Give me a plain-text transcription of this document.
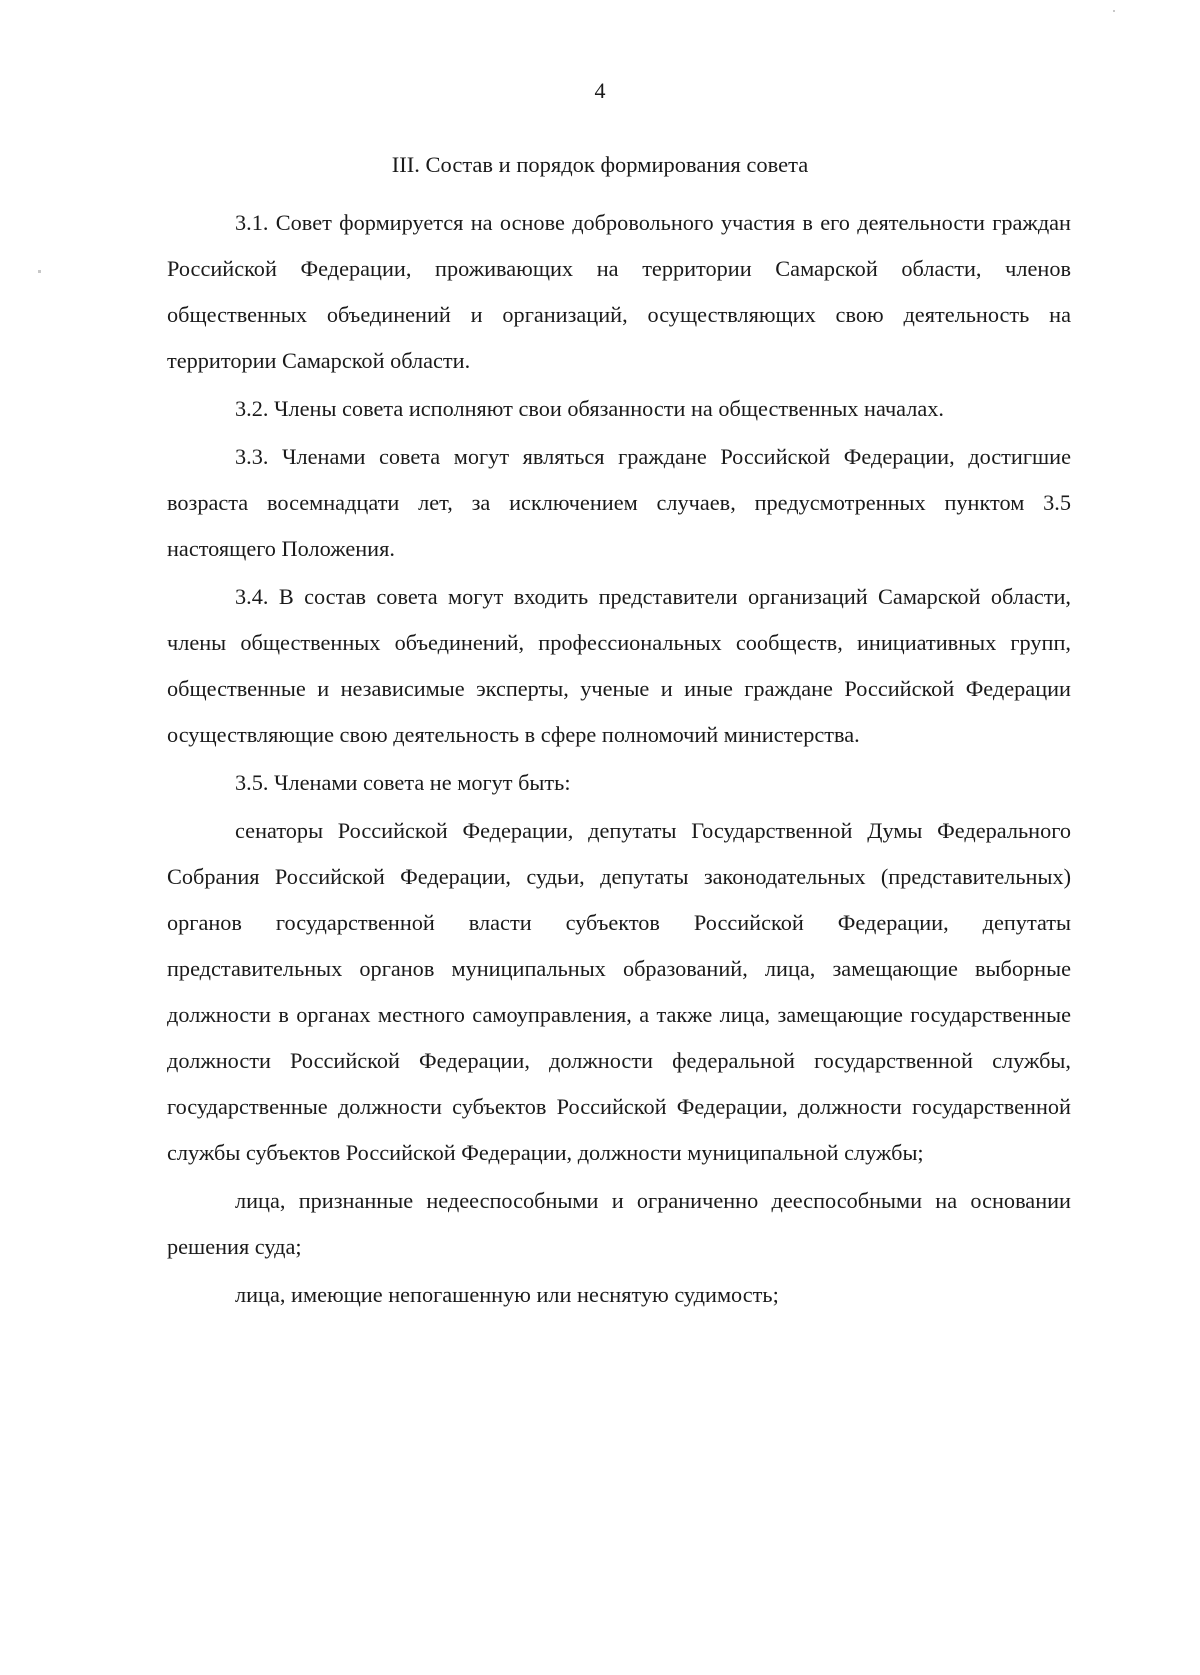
4
III. Состав и порядок формирования совета

3.1. Совет формируется на основе добровольного участия в его деятельности граждан Российской Федерации, проживающих на территории Самарской области, членов общественных объединений и организаций, осуществляющих свою деятельность на территории Самарской области.

3.2. Члены совета исполняют свои обязанности на общественных началах.

3.3. Членами совета могут являться граждане Российской Федерации, достигшие возраста восемнадцати лет, за исключением случаев, предусмотренных пунктом 3.5 настоящего Положения.

3.4. В состав совета могут входить представители организаций Самарской области, члены общественных объединений, профессиональных сообществ, инициативных групп, общественные и независимые эксперты, ученые и иные граждане Российской Федерации осуществляющие свою деятельность в сфере полномочий министерства.

3.5. Членами совета не могут быть:

сенаторы Российской Федерации, депутаты Государственной Думы Федерального Собрания Российской Федерации, судьи, депутаты законодательных (представительных) органов государственной власти субъектов Российской Федерации, депутаты представительных органов муниципальных образований, лица, замещающие выборные должности в органах местного самоуправления, а также лица, замещающие государственные должности Российской Федерации, должности федеральной государственной службы, государственные должности субъектов Российской Федерации, должности государственной службы субъектов Российской Федерации, должности муниципальной службы;

лица, признанные недееспособными и ограниченно дееспособными на основании решения суда;

лица, имеющие непогашенную или неснятую судимость;
